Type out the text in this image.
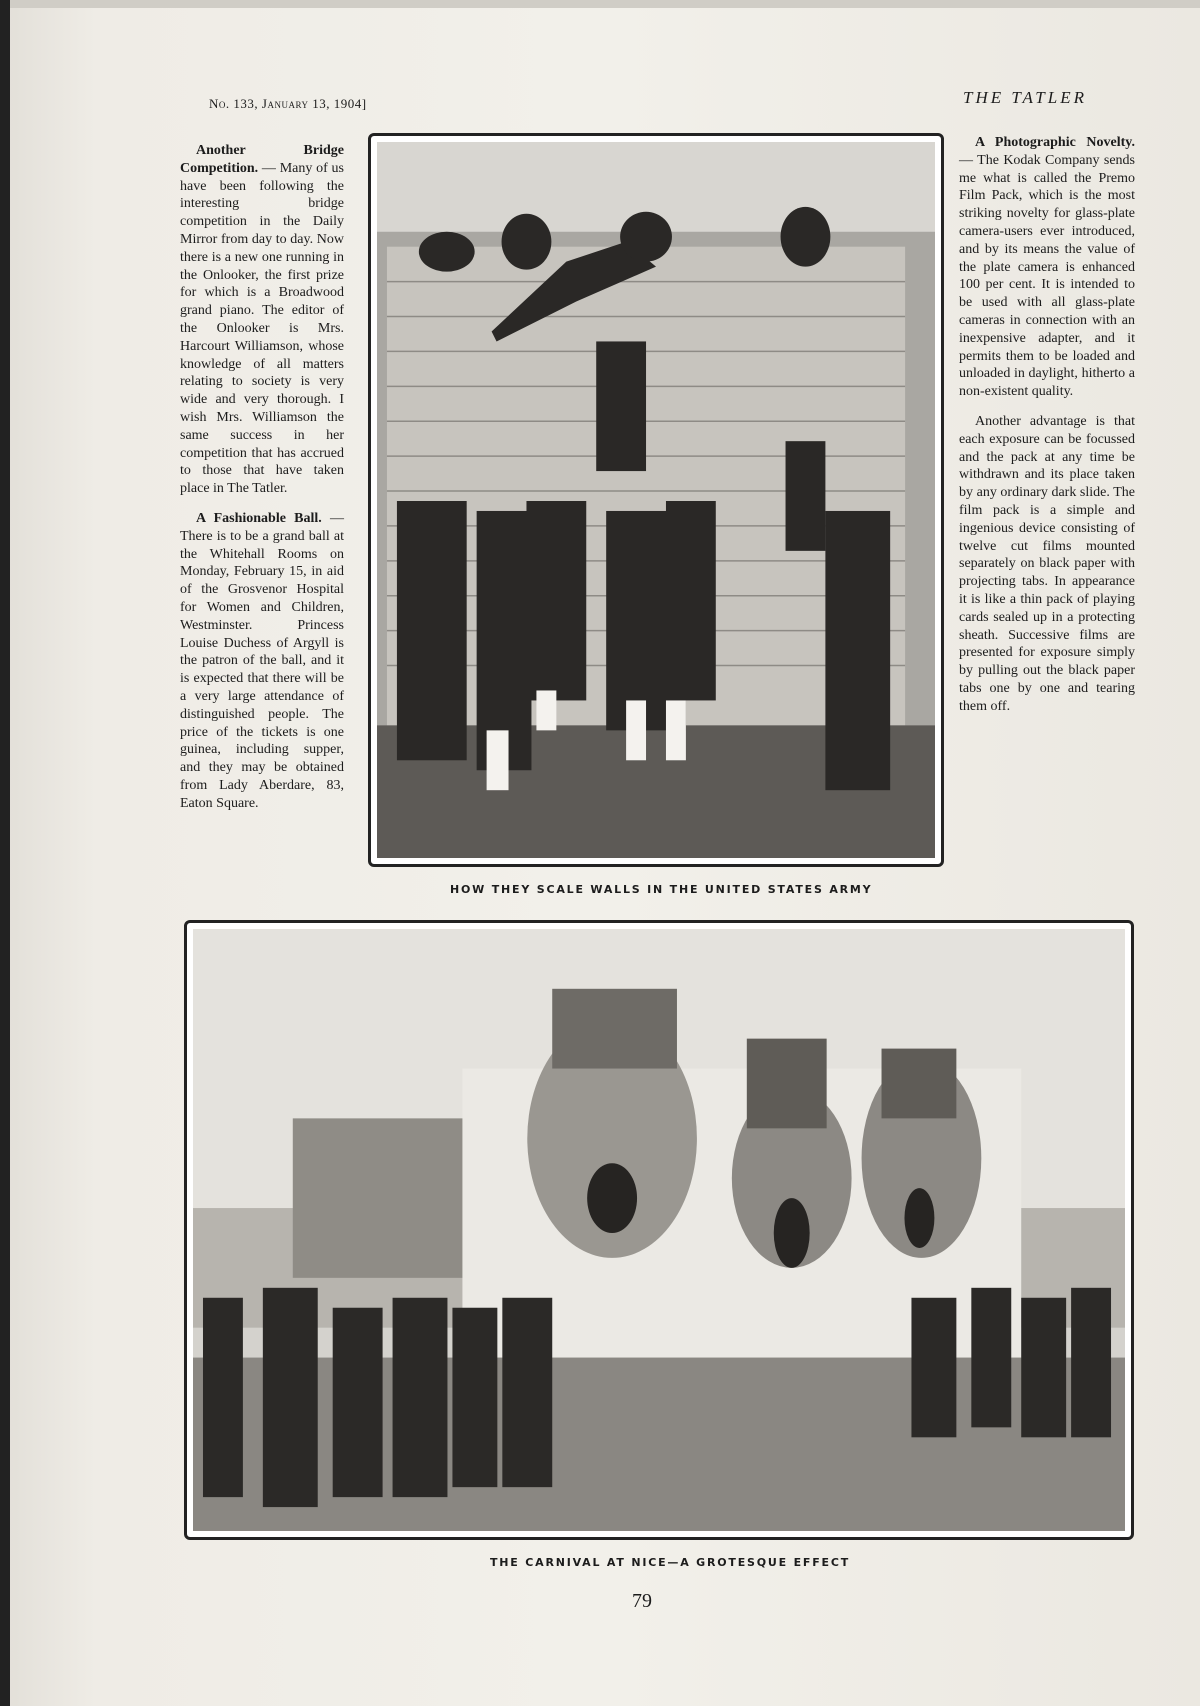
No. 133, January 13, 1904]	THE TATLER

Another Bridge Competition. — Many of us have been following the interesting bridge competition in the Daily Mirror from day to day. Now there is a new one running in the Onlooker, the first prize for which is a Broadwood grand piano. The editor of the Onlooker is Mrs. Harcourt Williamson, whose knowledge of all matters relating to society is very wide and very thorough. I wish Mrs. Williamson the same success in her competition that has accrued to those that have taken place in The Tatler.

A Fashionable Ball. —There is to be a grand ball at the Whitehall Rooms on Monday, February 15, in aid of the Grosvenor Hospital for Women and Children, Westminster. Princess Louise Duchess of Argyll is the patron of the ball, and it is expected that there will be a very large attendance of distinguished people. The price of the tickets is one guinea, including supper, and they may be obtained from Lady Aberdare, 83, Eaton Square.

HOW THEY SCALE WALLS IN THE UNITED STATES ARMY

A Photographic Novelty. — The Kodak Company sends me what is called the Premo Film Pack, which is the most striking novelty for glass-plate camera-users ever introduced, and by its means the value of the plate camera is enhanced 100 per cent. It is intended to be used with all glass-plate cameras in connection with an inexpensive adapter, and it permits them to be loaded and unloaded in daylight, hitherto a non-existent quality.

Another advantage is that each exposure can be focussed and the pack at any time be withdrawn and its place taken by any ordinary dark slide. The film pack is a simple and ingenious device consisting of twelve cut films mounted separately on black paper with projecting tabs. In appearance it is like a thin pack of playing cards sealed up in a protecting sheath. Successive films are presented for exposure simply by pulling out the black paper tabs one by one and tearing them off.

THE CARNIVAL AT NICE—A GROTESQUE EFFECT
79
